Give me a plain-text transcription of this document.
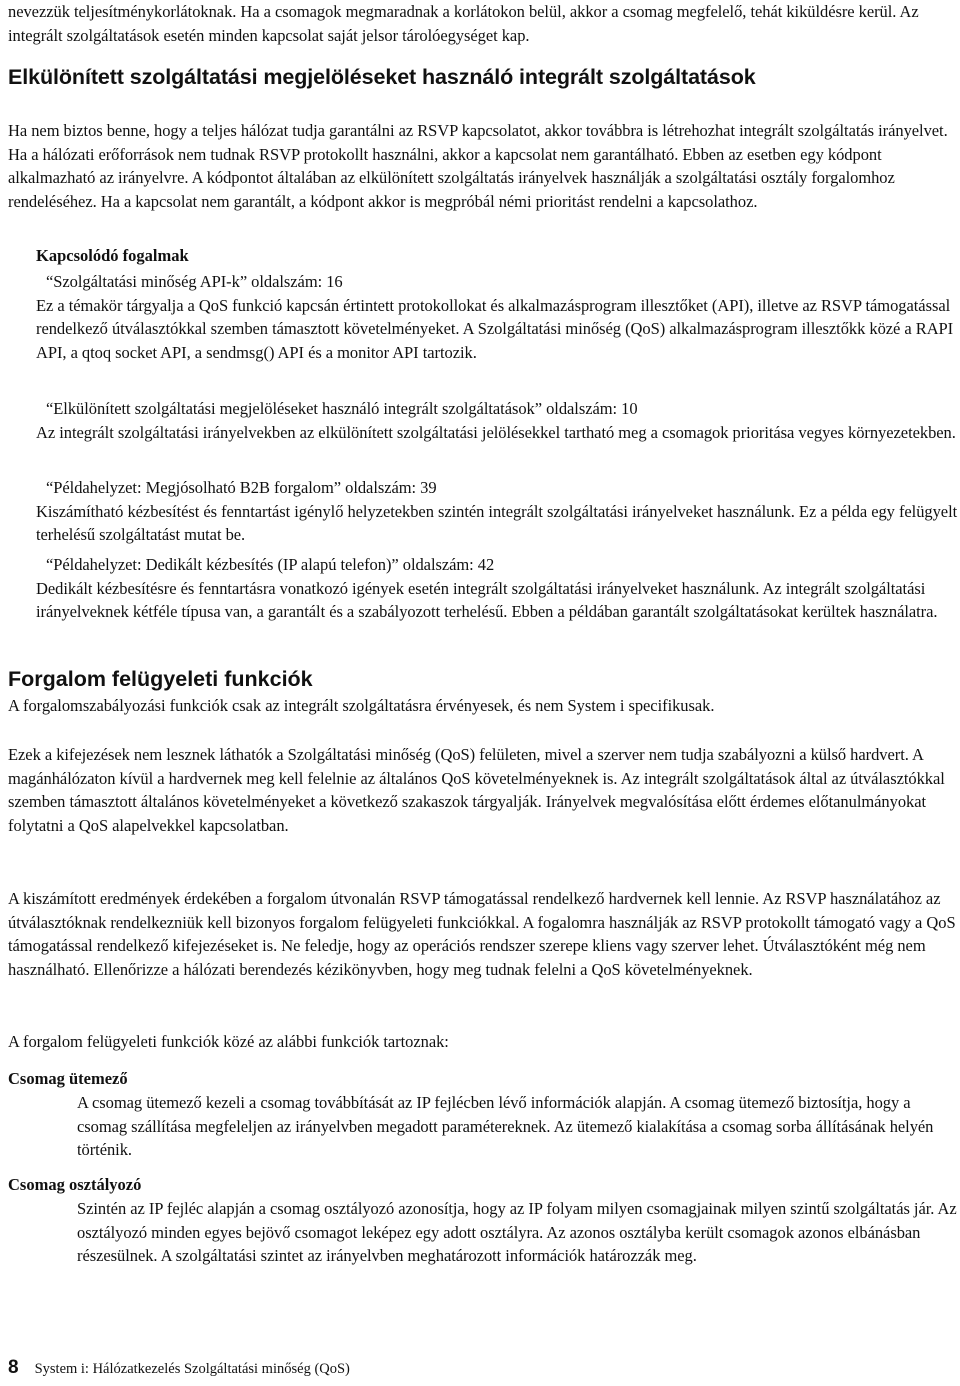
nevezzük teljesítménykorlátoknak. Ha a csomagok megmaradnak a korlátokon belül, akkor a csomag megfelelő, tehát kiküldésre kerül. Az integrált szolgáltatások esetén minden kapcsolat saját jelsor tárolóegységet kap.

Elkülönített szolgáltatási megjelöléseket használó integrált szolgáltatások

Ha nem biztos benne, hogy a teljes hálózat tudja garantálni az RSVP kapcsolatot, akkor továbbra is létrehozhat integrált szolgáltatás irányelvet. Ha a hálózati erőforrások nem tudnak RSVP protokollt használni, akkor a kapcsolat nem garantálható. Ebben az esetben egy kódpont alkalmazható az irányelvre. A kódpontot általában az elkülönített szolgáltatás irányelvek használják a szolgáltatási osztály forgalomhoz rendeléséhez. Ha a kapcsolat nem garantált, a kódpont akkor is megpróbál némi prioritást rendelni a kapcsolathoz.

Kapcsolódó fogalmak
“Szolgáltatási minőség API-k” oldalszám: 16
Ez a témakör tárgyalja a QoS funkció kapcsán értintett protokollokat és alkalmazásprogram illesztőket (API), illetve az RSVP támogatással rendelkező útválasztókkal szemben támasztott követelményeket. A Szolgáltatási minőség (QoS) alkalmazásprogram illesztőkk közé a RAPI API, a qtoq socket API, a sendmsg() API és a monitor API tartozik.
“Elkülönített szolgáltatási megjelöléseket használó integrált szolgáltatások” oldalszám: 10
Az integrált szolgáltatási irányelvekben az elkülönített szolgáltatási jelölésekkel tartható meg a csomagok prioritása vegyes környezetekben.
“Példahelyzet: Megjósolható B2B forgalom” oldalszám: 39
Kiszámítható kézbesítést és fenntartást igénylő helyzetekben szintén integrált szolgáltatási irányelveket használunk. Ez a példa egy felügyelt terhelésű szolgáltatást mutat be.
“Példahelyzet: Dedikált kézbesítés (IP alapú telefon)” oldalszám: 42
Dedikált kézbesítésre és fenntartásra vonatkozó igények esetén integrált szolgáltatási irányelveket használunk. Az integrált szolgáltatási irányelveknek kétféle típusa van, a garantált és a szabályozott terhelésű. Ebben a példában garantált szolgáltatásokat kerültek használatra.
Forgalom felügyeleti funkciók

A forgalomszabályozási funkciók csak az integrált szolgáltatásra érvényesek, és nem System i specifikusak.

Ezek a kifejezések nem lesznek láthatók a Szolgáltatási minőség (QoS) felületen, mivel a szerver nem tudja szabályozni a külső hardvert. A magánhálózaton kívül a hardvernek meg kell felelnie az általános QoS követelményeknek is. Az integrált szolgáltatások által az útválasztókkal szemben támasztott általános követelményeket a következő szakaszok tárgyalják. Irányelvek megvalósítása előtt érdemes előtanulmányokat folytatni a QoS alapelvekkel kapcsolatban.

A kiszámított eredmények érdekében a forgalom útvonalán RSVP támogatással rendelkező hardvernek kell lennie. Az RSVP használatához az útválasztóknak rendelkezniük kell bizonyos forgalom felügyeleti funkciókkal. A fogalomra használják az RSVP protokollt támogató vagy a QoS támogatással rendelkező kifejezéseket is. Ne feledje, hogy az operációs rendszer szerepe kliens vagy szerver lehet. Útválasztóként még nem használható. Ellenőrizze a hálózati berendezés kézikönyvben, hogy meg tudnak felelni a QoS követelményeknek.

A forgalom felügyeleti funkciók közé az alábbi funkciók tartoznak:

Csomag ütemező

A csomag ütemező kezeli a csomag továbbítását az IP fejlécben lévő információk alapján. A csomag ütemező biztosítja, hogy a csomag szállítása megfeleljen az irányelvben megadott paramétereknek. Az ütemező kialakítása a csomag sorba állításának helyén történik.

Csomag osztályozó

Szintén az IP fejléc alapján a csomag osztályozó azonosítja, hogy az IP folyam milyen csomagjainak milyen szintű szolgáltatás jár. Az osztályozó minden egyes bejövő csomagot leképez egy adott osztályra. Az azonos osztályba került csomagok azonos elbánásban részesülnek. A szolgáltatási szintet az irányelvben meghatározott információk határozzák meg.

8 System i: Hálózatkezelés Szolgáltatási minőség (QoS)
